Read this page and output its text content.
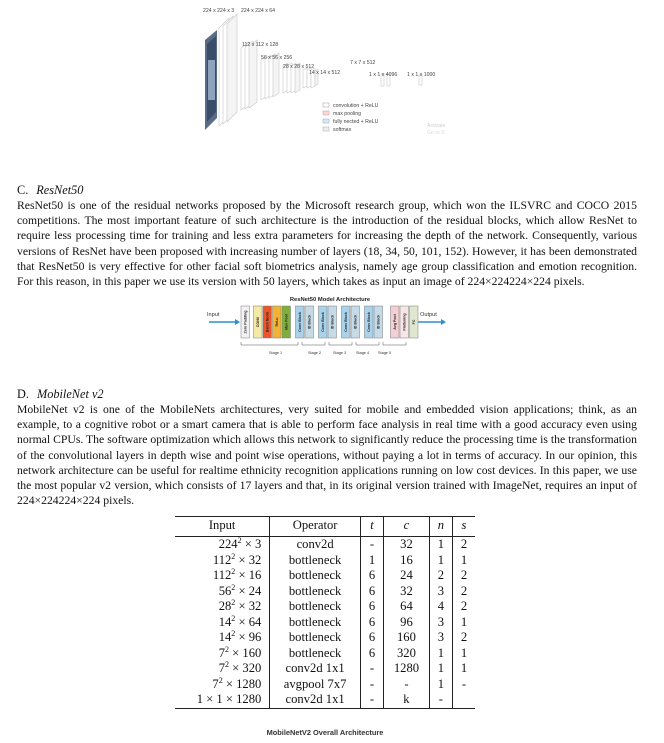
224 x 224 x 3 224 x 224 x 64
112 x 112 x 128
56 x 56 x 256
28 x 28 x 512
14 x 14 x 512
7 x 7 x 512
1 x 1 x 4096 1 x 1 x 1000
convolution + ReLU
max pooling
fully nected + ReLU
softmax
Activate
Go to S
C. ResNet50

ResNet50 is one of the residual networks proposed by the Microsoft research group, which won the ILSVRC and COCO 2015 competitions. The most important feature of such architecture is the introduction of the residual blocks, which allow ResNet to require less processing time for training and less extra parameters for increasing the depth of the network. Consequently, various versions of ResNet have been proposed with increasing number of layers (18, 34, 50, 101, 152). However, it has been demonstrated that ResNet50 is very effective for other facial soft biometrics analysis, namely age group classification and emotion recognition. For this reason, in this paper we use its version with 50 layers, which takes as input an image of 224×224224×224 pixels.

ResNet50 Model Architecture
Input	Output
Zero Padding CONV Batch Norm ReLu Max Pool	Conv Block ID Block	Conv Block ID Block	Conv Block ID Block	Conv Block ID Block	Avg Pool Flattening FC
Stage 1	Stage 2	Stage 3	Stage 4 Stage 5
D. MobileNet v2

MobileNet v2 is one of the MobileNets architectures, very suited for mobile and embedded vision applications; think, as an example, to a cognitive robot or a smart camera that is able to perform face analysis in real time with a good accuracy even using normal CPUs. The software optimization which allows this network to significantly reduce the processing time is the transformation of the convolutional layers in depth wise and point wise operations, without paying a lot in terms of accuracy. In our opinion, this network architecture can be useful for realtime ethnicity recognition applications running on low cost devices. In this paper, we use the most popular v2 version, which consists of 17 layers and that, in its original version trained with ImageNet, requires an input of 224×224224×224 pixels.

Input	Operator	t	c	n	s
$224^2 \times 3$	conv2d	-	32	1	2
$112^2 \times 32$	bottleneck	1	16	1	1
$112^2 \times 16$	bottleneck	6	24	2	2
$56^2 \times 24$	bottleneck	6	32	3	2
$28^2 \times 32$	bottleneck	6	64	4	2
$14^2 \times 64$	bottleneck	6	96	3	1
$14^2 \times 96$	bottleneck	6	160	3	2
$7^2 \times 160$	bottleneck	6	320	1	1
$7^2 \times 320$	conv2d 1x1	-	1280	1	1
$7^2 \times 1280$	avgpool 7x7	-	-	1	-
1 × 1 × 1280	conv2d 1x1	-	k	-	
MobileNetV2 Overall Architecture
